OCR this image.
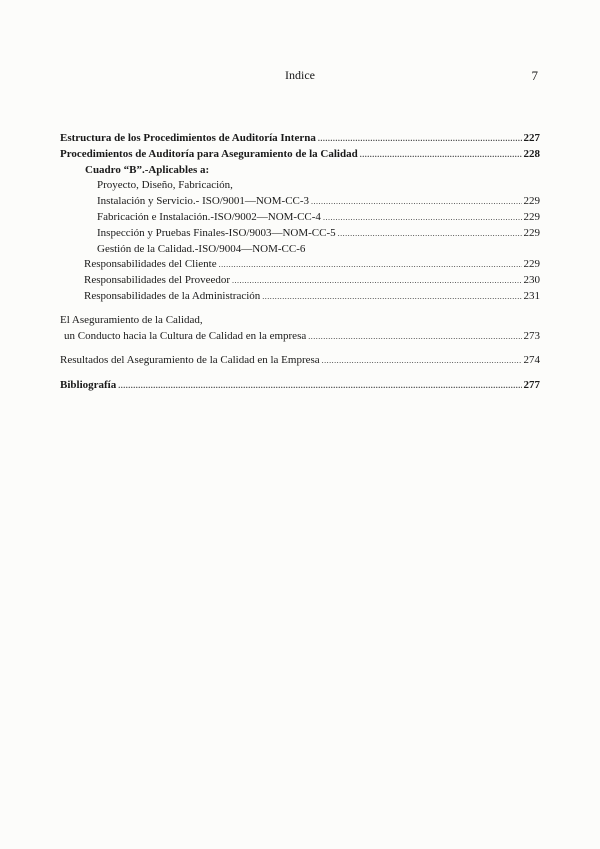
Indice	7
Estructura de los Procedimientos de Auditoría Interna .....	227
Procedimientos de Auditoría para Aseguramiento de la Calidad .....	228
Cuadro “B”.-Aplicables a:
Proyecto, Diseño, Fabricación,
Instalación y Servicio.- ISO/9001—NOM-CC-3 .....	229
Fabricación e Instalación.-ISO/9002—NOM-CC-4 .....	229
Inspección y Pruebas Finales-ISO/9003—NOM-CC-5 .....	229
Gestión de la Calidad.-ISO/9004—NOM-CC-6
Responsabilidades del Cliente .....	229
Responsabilidades del Proveedor .....	230
Responsabilidades de la Administración .....	231
El Aseguramiento de la Calidad,
un Conducto hacia la Cultura de Calidad en la empresa .....	273
Resultados del Aseguramiento de la Calidad en la Empresa .....	274
Bibliografía .....	277
